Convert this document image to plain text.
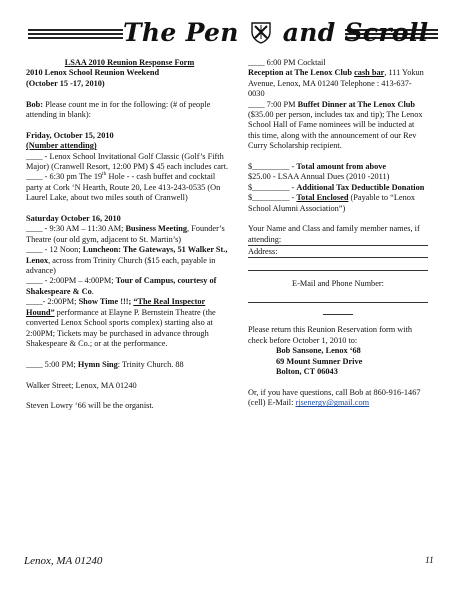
The Pen and Scroll

LSAA 2010 Reunion Response Form

2010 Lenox School Reunion Weekend

(October 15 -17, 2010)

Bob: Please count me in for the following: (# of people attending in blank):

Friday, October 15, 2010

(Number attending)

____ - Lenox School Invitational Golf Classic (Golf’s Fifth Major) (Cranwell Resort, 12:00 PM) $ 45 each includes cart.

____ - 6:30 pm The 19th Hole - - cash buffet and cocktail party at Cork ‘N Hearth, Route 20, Lee 413-243-0535 (On Laurel Lake, about two miles south of Cranwell)

Saturday October 16, 2010

____ - 9:30 AM – 11:30 AM; Business Meeting, Founder’s Theatre (our old gym, adjacent to St. Martin’s)

____ - 12 Noon; Luncheon: The Gateways, 51 Walker St., Lenox, across from Trinity Church ($15 each, payable in advance)

____ - 2:00PM – 4:00PM; Tour of Campus, courtesy of Shakespeare & Co.

____- 2:00PM; Show Time !!!; “The Real Inspector Hound” performance at Elayne P. Bernstein Theatre (the converted Lenox School sports complex) starting also at 2:00PM; Tickets may be purchased in advance through Shakespeare & Co.; or at the performance.

____ 5:00 PM; Hymn Sing: Trinity Church. 88

Walker Street; Lenox, MA 01240

Steven Lowry ‘66 will be the organist.

____ 6:00 PM Cocktail

Reception at The Lenox Club cash bar, 111 Yokun Avenue, Lenox, MA 01240 Telephone : 413-637-0030

____ 7:00 PM Buffet Dinner at The Lenox Club ($35.00 per person, includes tax and tip); The Lenox School Hall of Fame nominees will be inducted at this time, along with the announcement of our Rev Curry Scholarship recipient.

$_________ - Total amount from above

$25.00 - LSAA Annual Dues (2010 -2011)

$_________ - Additional Tax Deductible Donation

$_________ - Total Enclosed (Payable to “Lenox School Alumni Association”)

Your Name and Class and family member names, if attending:

Address:

E-Mail and Phone Number:

Please return this Reunion Reservation form with check before October 1, 2010 to:

Bob Sansone, Lenox ‘68

69 Mount Sumner Drive

Bolton, CT 06043

Or, if you have questions, call Bob at 860-916-1467 (cell) E-Mail: rjsenergy@gmail.com

Lenox, MA 01240	11
